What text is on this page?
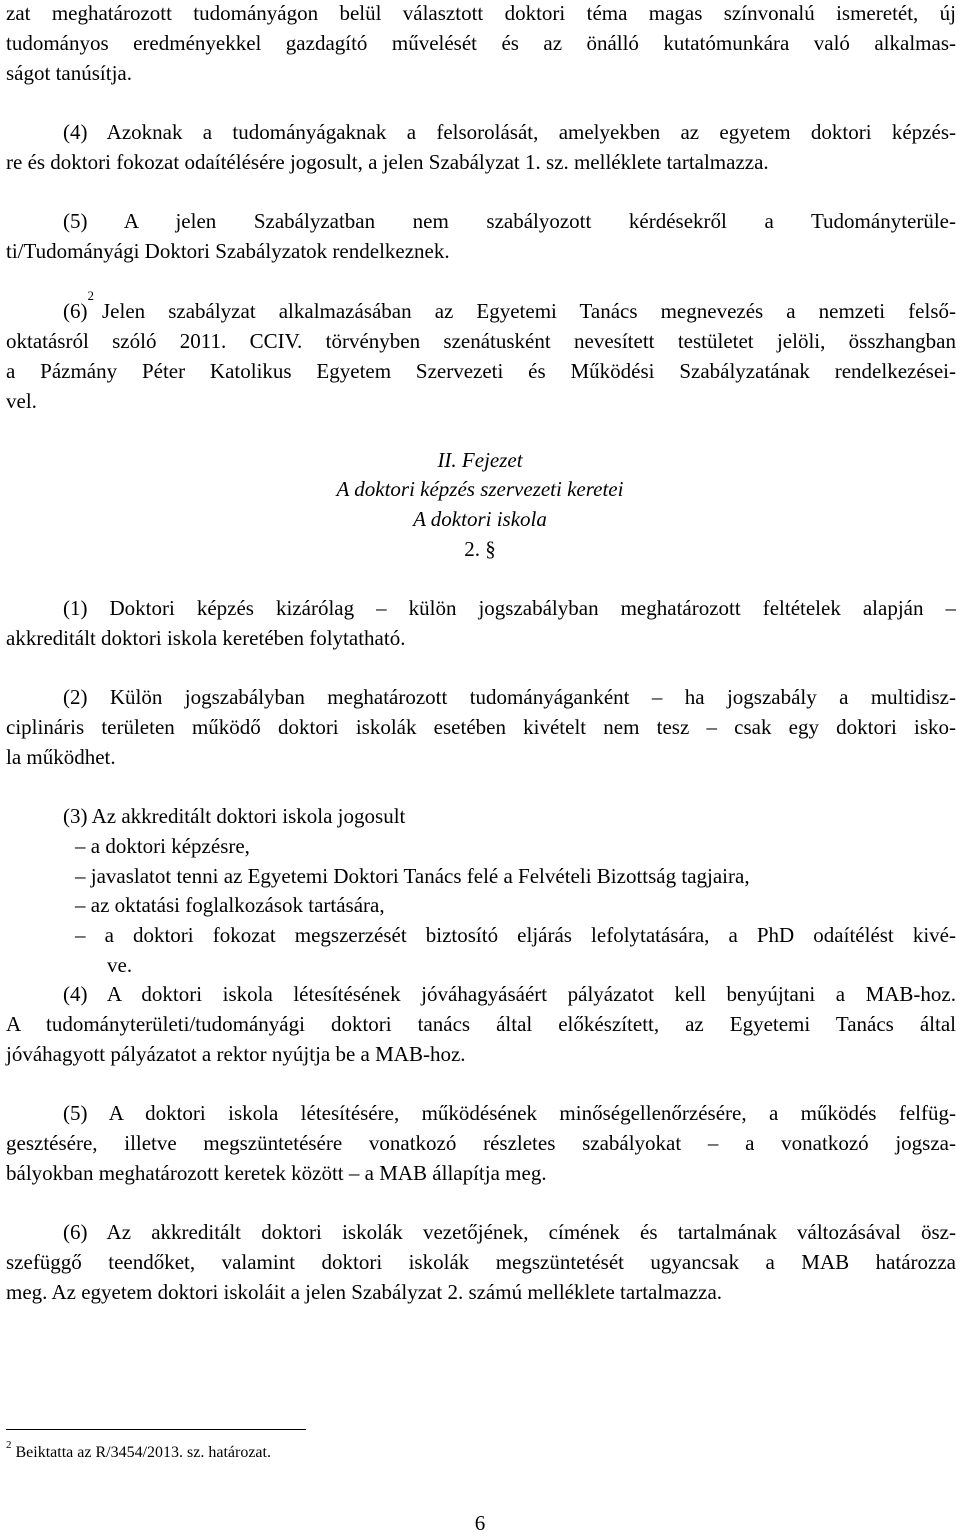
zat meghatározott tudományágon belül választott doktori téma magas színvonalú ismeretét, új
tudományos eredményekkel gazdagító művelését és az önálló kutatómunkára való alkalmas-
ságot tanúsítja.
(4) Azoknak a tudományágaknak a felsorolását, amelyekben az egyetem doktori képzés-
re és doktori fokozat odaítélésére jogosult, a jelen Szabályzat 1. sz. melléklete tartalmazza.
(5) A jelen Szabályzatban nem szabályozott kérdésekről a Tudományterüle-
ti/Tudományági Doktori Szabályzatok rendelkeznek.
(6)
$^2$
Jelen szabályzat alkalmazásában az Egyetemi Tanács megnevezés a nemzeti felső-
oktatásról szóló 2011. CCIV. törvényben szenátusként nevesített testületet jelöli, összhangban
a Pázmány Péter Katolikus Egyetem Szervezeti és Működési Szabályzatának rendelkezései-
vel.
II. Fejezet
A doktori képzés szervezeti keretei
A doktori iskola
2. §
(1) Doktori képzés kizárólag – külön jogszabályban meghatározott feltételek alapján –
akkreditált doktori iskola keretében folytatható.
(2) Külön jogszabályban meghatározott tudományáganként – ha jogszabály a multidisz-
ciplináris területen működő doktori iskolák esetében kivételt nem tesz – csak egy doktori isko-
la működhet.
(3) Az akkreditált doktori iskola jogosult
– a doktori képzésre,
– javaslatot tenni az Egyetemi Doktori Tanács felé a Felvételi Bizottság tagjaira,
– az oktatási foglalkozások tartására,
– a doktori fokozat megszerzését biztosító eljárás lefolytatására, a PhD odaítélést kivé-
ve.
(4) A doktori iskola létesítésének jóváhagyásáért pályázatot kell benyújtani a MAB-hoz.
A tudományterületi/tudományági doktori tanács által előkészített, az Egyetemi Tanács által
jóváhagyott pályázatot a rektor nyújtja be a MAB-hoz.
(5) A doktori iskola létesítésére, működésének minőségellenőrzésére, a működés felfüg-
gesztésére, illetve megszüntetésére vonatkozó részletes szabályokat – a vonatkozó jogsza-
bályokban meghatározott keretek között – a MAB állapítja meg.
(6) Az akkreditált doktori iskolák vezetőjének, címének és tartalmának változásával ösz-
szefüggő teendőket, valamint doktori iskolák megszüntetését ugyancsak a MAB határozza
meg. Az egyetem doktori iskoláit a jelen Szabályzat 2. számú melléklete tartalmazza.
$^2$ Beiktatta az R/3454/2013. sz. határozat.
6
